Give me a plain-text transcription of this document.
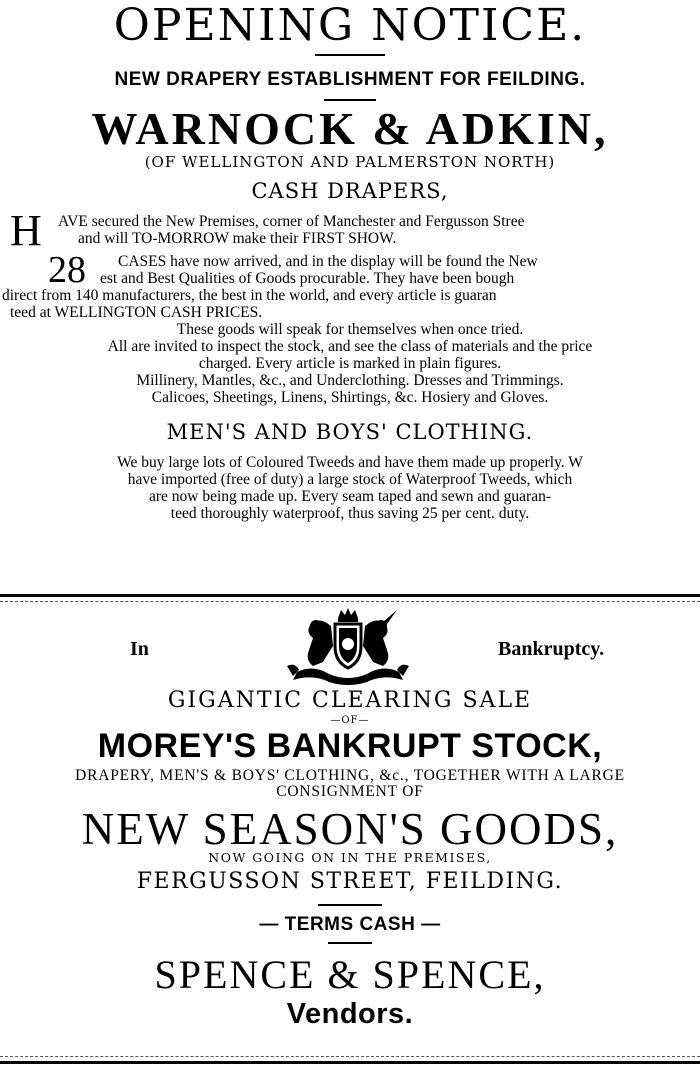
OPENING NOTICE.
NEW DRAPERY ESTABLISHMENT FOR FEILDING.
WARNOCK & ADKIN,
(OF WELLINGTON AND PALMERSTON NORTH)
CASH DRAPERS,
H	AVE secured the New Premises, corner of Manchester and Fergusson Stree
and will TO-MORROW make their FIRST SHOW.
28	CASES have now arrived, and in the display will be found the New
est and Best Qualities of Goods procurable. They have been bough
direct from 140 manufacturers, the best in the world, and every article is guaran
teed at WELLINGTON CASH PRICES.
These goods will speak for themselves when once tried.
All are invited to inspect the stock, and see the class of materials and the price
charged. Every article is marked in plain figures.
Millinery, Mantles, &c., and Underclothing. Dresses and Trimmings.
Calicoes, Sheetings, Linens, Shirtings, &c. Hosiery and Gloves.
MEN'S AND BOYS' CLOTHING.
We buy large lots of Coloured Tweeds and have them made up properly. W
have imported (free of duty) a large stock of Waterproof Tweeds, which
are now being made up. Every seam taped and sewn and guaran-
teed thoroughly waterproof, thus saving 25 per cent. duty.
In	Bankruptcy.
GIGANTIC CLEARING SALE
—OF—
MOREY'S BANKRUPT STOCK,
DRAPERY, MEN'S & BOYS' CLOTHING, &c., TOGETHER WITH A LARGE
CONSIGNMENT OF
NEW SEASON'S GOODS,
NOW GOING ON IN THE PREMISES,
FERGUSSON STREET, FEILDING.
— TERMS CASH —
SPENCE & SPENCE,
Vendors.
